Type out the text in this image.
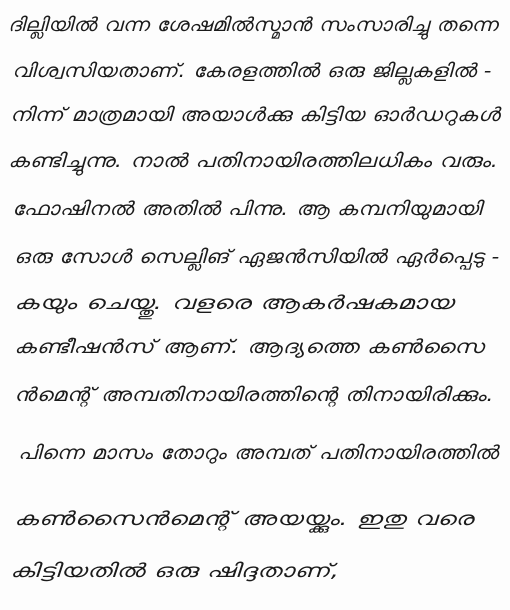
ദില്ലിയിൽ വന്ന ശേഷമിൽസ്മാൻ സംസാരിച്ചു തന്നെ
വിശ്വസിയതാണ്. കേരളത്തിൽ ഒരു ജില്ലകളിൽ -
നിന്ന് മാത്രമായി അയാൾക്കു കിട്ടിയ ഓർഡറുകൾ
കണ്ടിച്ചുന്നു. നാൽ പതിനായിരത്തിലധികം വരും.
ഫോഷിനൽ അതിൽ പിന്നു. ആ കമ്പനിയുമായി
ഒരു സോൾ സെല്ലിങ് ഏജൻസിയിൽ ഏർപ്പെടു -
കയും ചെയ്തു. വളരെ ആകർഷകമായ
കണ്ടീഷൻസ് ആണ്. ആദ്യത്തെ കൺസൈ
ൻമെന്റ് അമ്പതിനായിരത്തിന്റെ തിനായിരിക്കും.
പിന്നെ മാസം തോറും അമ്പത് പതിനായിരത്തിൽ
കൺസൈൻമെന്റ് അയയ്ക്കും. ഇതു വരെ
കിട്ടിയതിൽ ഒരു ഷിദ്ദതാണ്,
